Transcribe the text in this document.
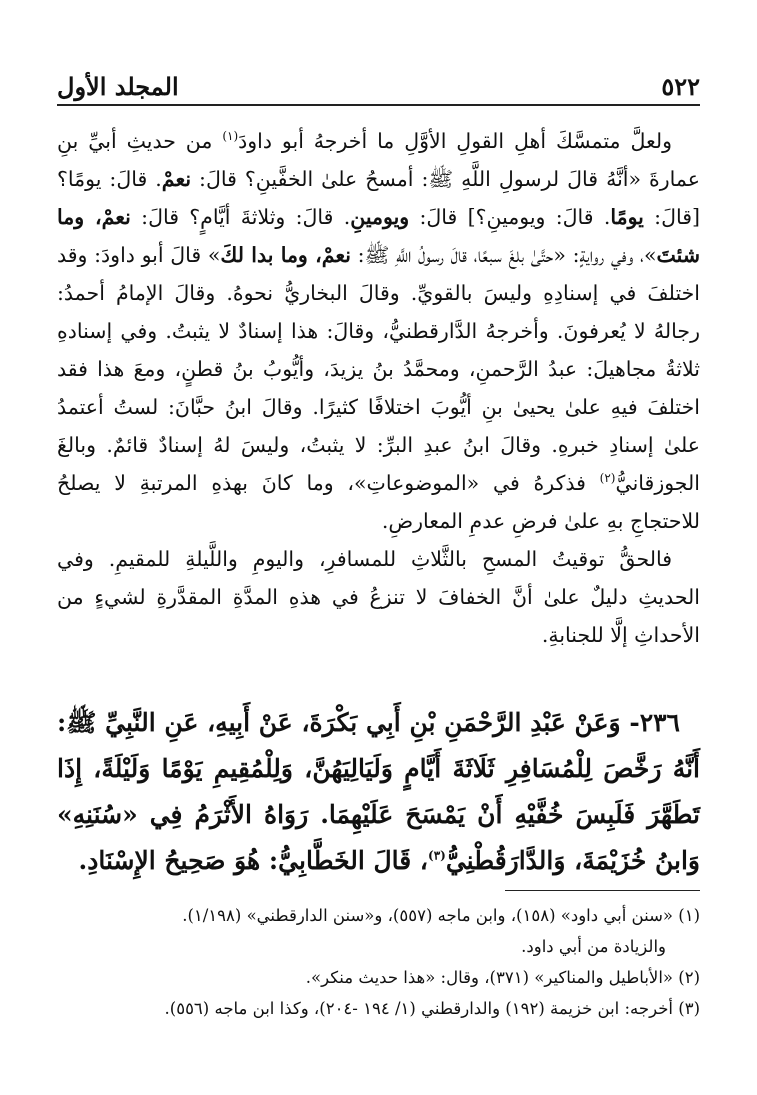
٥٢٢
المجلد الأول

ولعلَّ متمسَّكَ أهلِ القولِ الأوَّلِ ما أخرجهُ أبو داودَ$^{(١)}$ من حديثِ أبيِّ بنِ عمارةَ «أنَّهُ قالَ لرسولِ اللَّهِ ﷺ: أمسحُ علىٰ الخفَّينِ؟ قالَ: نعمْ. قالَ: يومًا؟ [قالَ: يومًا. قالَ: ويومينِ؟] قالَ: ويومينِ. قالَ: وثلاثةَ أيَّامٍ؟ قالَ: نعمْ، وما شئتَ»، وفي روايةٍ: «حتَّىٰ بلغَ سبعًا، قالَ رسولُ اللَّهِ ﷺ: نعمْ، وما بدا لكَ» قالَ أبو داودَ: وقد اختلفَ في إسنادِهِ وليسَ بالقويِّ. وقالَ البخاريُّ نحوهُ. وقالَ الإمامُ أحمدُ: رجالهُ لا يُعرفونَ. وأخرجهُ الدَّارقطنيُّ، وقالَ: هذا إسنادٌ لا يثبتُ. وفي إسنادهِ ثلاثةُ مجاهيلَ: عبدُ الرَّحمنِ، ومحمَّدُ بنُ يزيدَ، وأيُّوبُ بنُ قطنٍ، ومعَ هذا فقد اختلفَ فيهِ علىٰ يحيىٰ بنِ أيُّوبَ اختلافًا كثيرًا. وقالَ ابنُ حبَّانَ: لستُ أعتمدُ علىٰ إسنادِ خبرهِ. وقالَ ابنُ عبدِ البرِّ: لا يثبتُ، وليسَ لهُ إسنادٌ قائمٌ. وبالغَ الجوزقانيُّ$^{(٢)}$ فذكرهُ في «الموضوعاتِ»، وما كانَ بهذهِ المرتبةِ لا يصلحُ للاحتجاجِ بهِ علىٰ فرضِ عدمِ المعارضِ.

فالحقُّ توقيتُ المسحِ بالثَّلاثِ للمسافرِ، واليومِ واللَّيلةِ للمقيمِ. وفي الحديثِ دليلٌ علىٰ أنَّ الخفافَ لا تنزعُ في هذهِ المدَّةِ المقدَّرةِ لشيءٍ من الأحداثِ إلَّا للجنابةِ.

٢٣٦- وَعَنْ عَبْدِ الرَّحْمَنِ بْنِ أَبِي بَكْرَةَ، عَنْ أَبِيهِ، عَنِ النَّبِيِّ ﷺ: أَنَّهُ رَخَّصَ لِلْمُسَافِرِ ثَلَاثَةَ أَيَّامٍ وَلَيَالِيَهُنَّ، وَلِلْمُقِيمِ يَوْمًا وَلَيْلَةً، إِذَا تَطَهَّرَ فَلَبِسَ خُفَّيْهِ أَنْ يَمْسَحَ عَلَيْهِمَا. رَوَاهُ الأَثْرَمُ فِي «سُنَنِهِ» وَابنُ خُزَيْمَةَ، وَالدَّارَقُطْنِيُّ$^{(٣)}$، قَالَ الخَطَّابِيُّ: هُوَ صَحِيحُ الإِسْنَادِ.

(١) «سنن أبي داود» (١٥٨)، وابن ماجه (٥٥٧)، و«سنن الدارقطني» (١/١٩٨).

والزيادة من أبي داود.

(٢) «الأباطيل والمناكير» (٣٧١)، وقال: «هذا حديث منكر».

(٣) أخرجه: ابن خزيمة (١٩٢) والدارقطني (١/ ١٩٤ -٢٠٤)، وكذا ابن ماجه (٥٥٦).
